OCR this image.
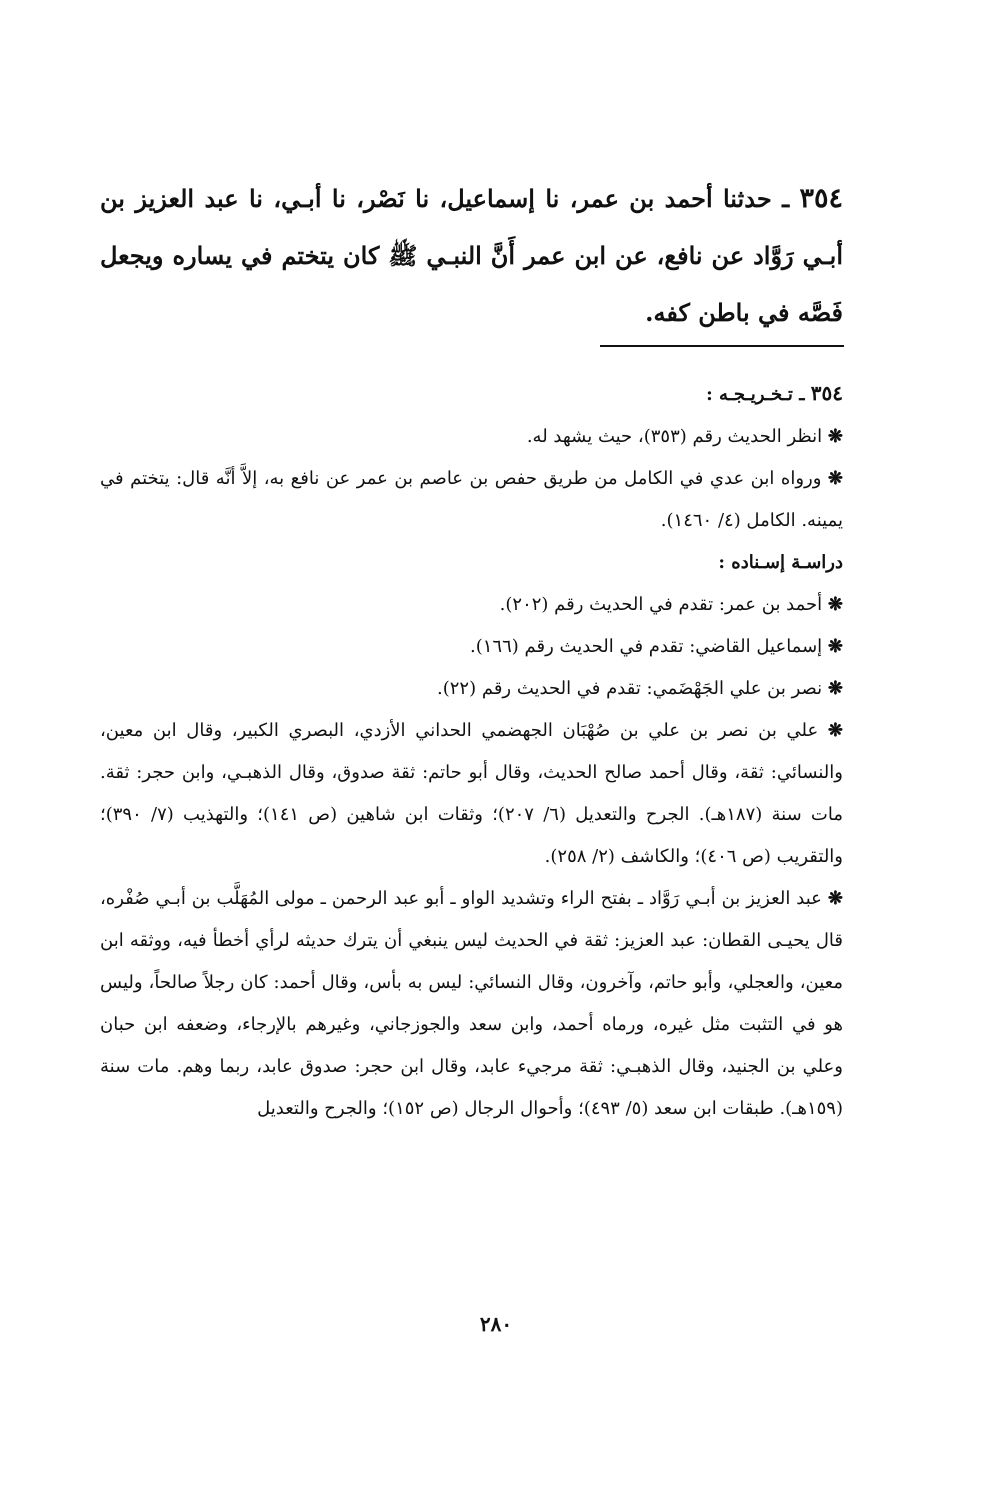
٣٥٤ ـ حدثنا أحمد بن عمر، نا إسماعيل، نا نَصْر، نا أبـي، نا عبد العزيز بن أبـي رَوَّاد عن نافع، عن ابن عمر أَنَّ النبـي ﷺ كان يتختم في يساره ويجعل فَصَّه في باطن كفه.

٣٥٤ ـ تـخـريـجـه :

❋ انظر الحديث رقم (٣٥٣)، حيث يشهد له.

❋ ورواه ابن عدي في الكامل من طريق حفص بن عاصم بن عمر عن نافع به، إلاَّ أنَّه قال: يتختم في يمينه. الكامل (٤/ ١٤٦٠).

دراسـة إسـناده :

❋ أحمد بن عمر: تقدم في الحديث رقم (٢٠٢).

❋ إسماعيل القاضي: تقدم في الحديث رقم (١٦٦).

❋ نصر بن علي الجَهْضَمي: تقدم في الحديث رقم (٢٢).

❋ علي بن نصر بن علي بن صُهْبَان الجهضمي الحداني الأزدي، البصري الكبير، وقال ابن معين، والنسائي: ثقة، وقال أحمد صالح الحديث، وقال أبو حاتم: ثقة صدوق، وقال الذهبـي، وابن حجر: ثقة. مات سنة (١٨٧هـ). الجرح والتعديل (٦/ ٢٠٧)؛ وثقات ابن شاهين (ص ١٤١)؛ والتهذيب (٧/ ٣٩٠)؛ والتقريب (ص ٤٠٦)؛ والكاشف (٢/ ٢٥٨).

❋ عبد العزيز بن أبـي رَوَّاد ـ بفتح الراء وتشديد الواو ـ أبو عبد الرحمن ـ مولى المُهَلَّب بن أبـي صُفْره، قال يحيـى القطان: عبد العزيز: ثقة في الحديث ليس ينبغي أن يترك حديثه لرأي أخطأ فيه، ووثقه ابن معين، والعجلي، وأبو حاتم، وآخرون، وقال النسائي: ليس به بأس، وقال أحمد: كان رجلاً صالحاً، وليس هو في التثبت مثل غيره، ورماه أحمد، وابن سعد والجوزجاني، وغيرهم بالإرجاء، وضعفه ابن حبان وعلي بن الجنيد، وقال الذهبـي: ثقة مرجيء عابد، وقال ابن حجر: صدوق عابد، ربما وهم. مات سنة (١٥٩هـ). طبقات ابن سعد (٥/ ٤٩٣)؛ وأحوال الرجال (ص ١٥٢)؛ والجرح والتعديل

٢٨٠
